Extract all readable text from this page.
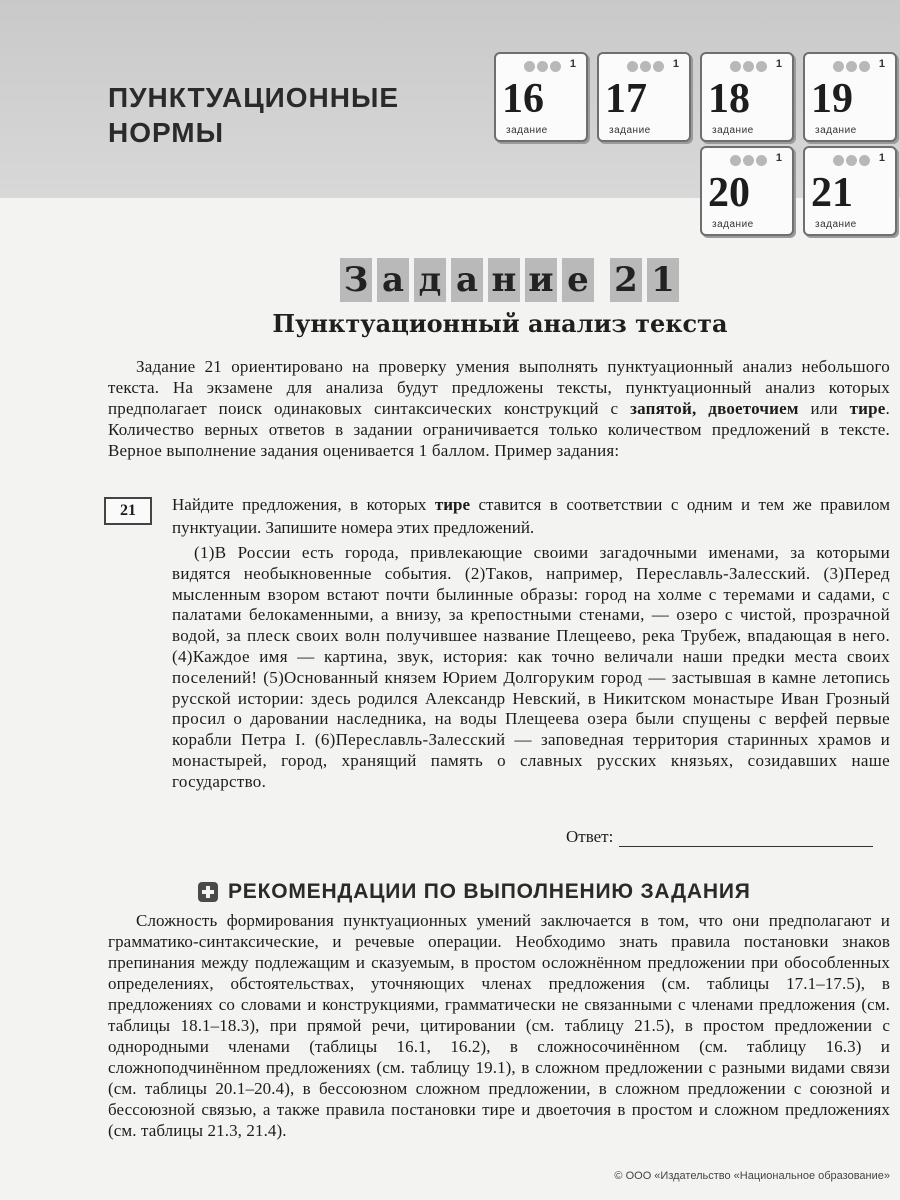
ПУНКТУАЦИОННЫЕ
НОРМЫ
1
16
задание
1
17
задание
1
18
задание
1
19
задание
1
20
задание
1
21
задание
З а д а н и е 2 1
Пунктуационный анализ текста

Задание 21 ориентировано на проверку умения выполнять пунктуационный анализ небольшого текста. На экзамене для анализа будут предложены тексты, пунктуационный анализ которых предполагает поиск одинаковых синтаксических конструкций с запятой, двоеточием или тире. Количество верных ответов в задании ограничивается только количеством предложений в тексте. Верное выполнение задания оценивается 1 баллом. Пример задания:

21	Найдите предложения, в которых тире ставится в соответствии с одним и тем же правилом пунктуации. Запишите номера этих предложений.

(1)В России есть города, привлекающие своими загадочными именами, за которыми видятся необыкновенные события. (2)Таков, например, Переславль-Залесский. (3)Перед мысленным взором встают почти былинные образы: город на холме с теремами и садами, с палатами белокаменными, а внизу, за крепостными стенами, — озеро с чистой, прозрачной водой, за плеск своих волн получившее название Плещеево, река Трубеж, впадающая в него. (4)Каждое имя — картина, звук, история: как точно величали наши предки места своих поселений! (5)Основанный князем Юрием Долгоруким город — застывшая в камне летопись русской истории: здесь родился Александр Невский, в Никитском монастыре Иван Грозный просил о даровании наследника, на воды Плещеева озера были спущены с верфей первые корабли Петра I. (6)Переславль-Залесский — заповедная территория старинных храмов и монастырей, город, хранящий память о славных русских князьях, созидавших наше государство.

Ответ:
РЕКОМЕНДАЦИИ ПО ВЫПОЛНЕНИЮ ЗАДАНИЯ

Сложность формирования пунктуационных умений заключается в том, что они предполагают и грамматико-синтаксические, и речевые операции. Необходимо знать правила постановки знаков препинания между подлежащим и сказуемым, в простом осложнённом предложении при обособленных определениях, обстоятельствах, уточняющих членах предложения (см. таблицы 17.1–17.5), в предложениях со словами и конструкциями, грамматически не связанными с членами предложения (см. таблицы 18.1–18.3), при прямой речи, цитировании (см. таблицу 21.5), в простом предложении с однородными членами (таблицы 16.1, 16.2), в сложносочинённом (см. таблицу 16.3) и сложноподчинённом предложениях (см. таблицу 19.1), в сложном предложении с разными видами связи (см. таблицы 20.1–20.4), в бессоюзном сложном предложении, в сложном предложении с союзной и бессоюзной связью, а также правила постановки тире и двоеточия в простом и сложном предложениях (см. таблицы 21.3, 21.4).

© ООО «Издательство «Национальное образование»
